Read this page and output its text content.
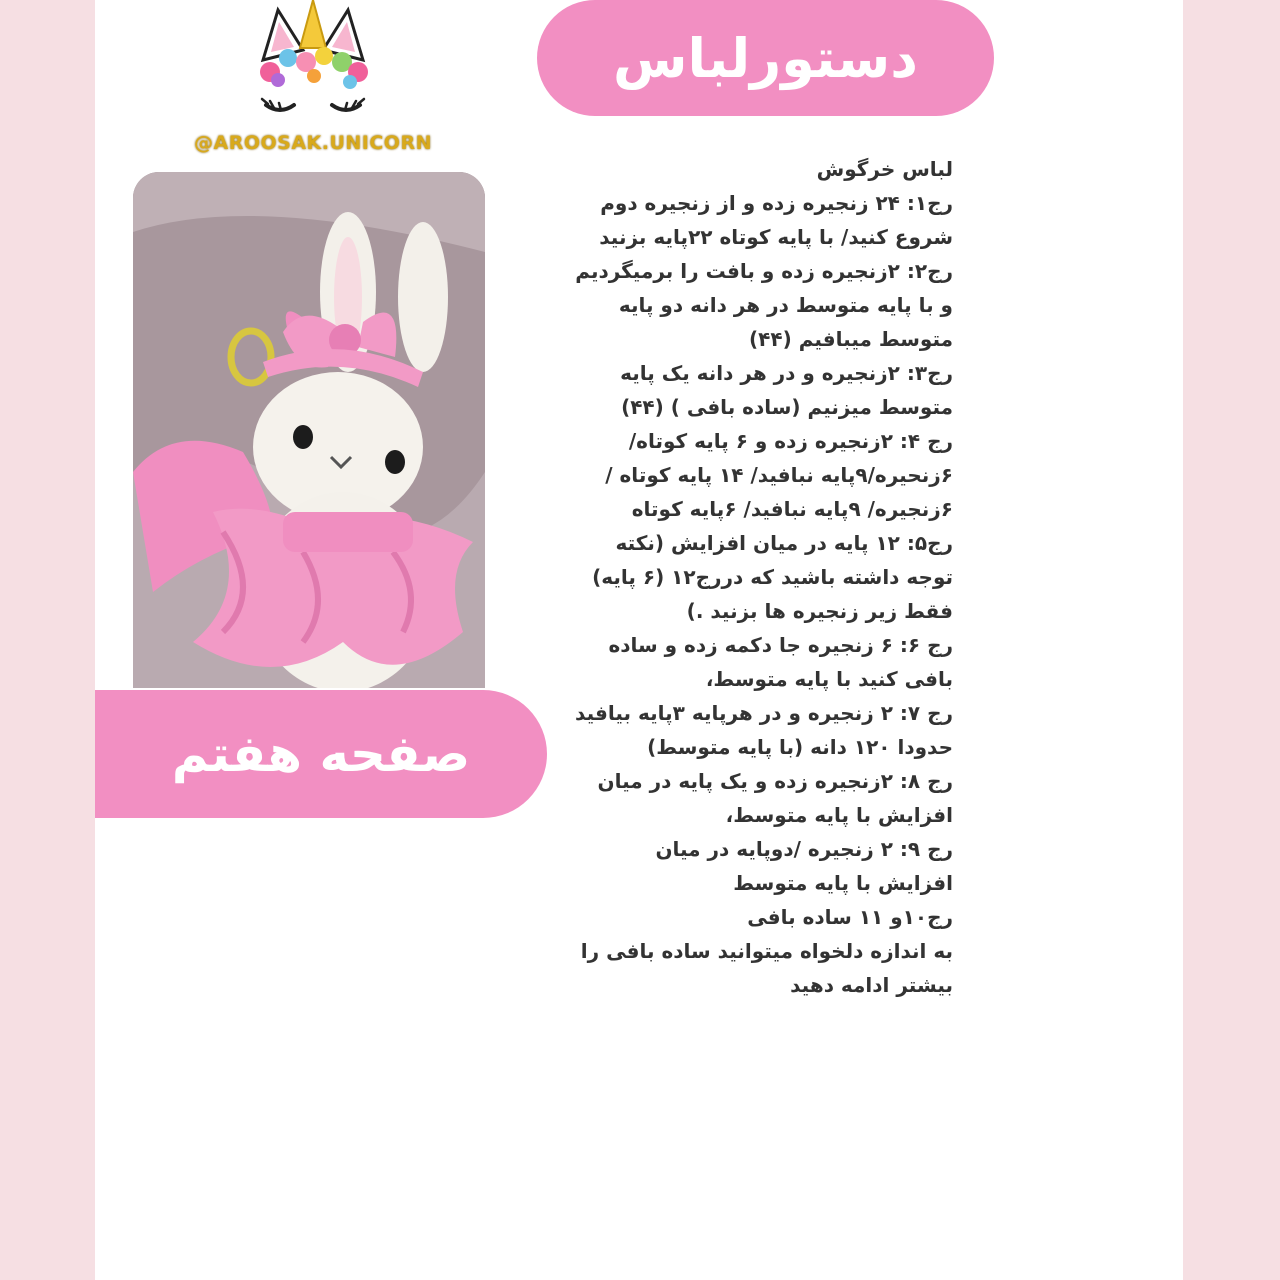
@AROOSAK.UNICORN
دستورلباس
صفحه هفتم
لباس خرگوش
رج۱: ۲۴ زنجیره زده و از زنجیره دوم شروع کنید/ با پایه کوتاه ۲۲پایه بزنید
رج۲: ۲زنجیره زده و بافت را برمیگردیم و با پایه متوسط در هر دانه دو پایه متوسط میبافیم (۴۴)
رج۳: ۲زنجیره و در هر دانه یک پایه متوسط میزنیم (ساده بافی ) (۴۴)
رج ۴: ۲زنجیره زده و ۶ پایه کوتاه/ ۶زنحیره/۹پایه نبافید/ ۱۴ پایه کوتاه / ۶زنجیره/ ۹پایه نبافید/ ۶پایه کوتاه
رج۵: ۱۲ پایه در میان افزایش (نکته توجه داشته باشید که دررج۱۲ (۶ پایه) فقط زیر زنجیره ها بزنید .)
رج ۶: ۶ زنجیره جا دکمه زده و ساده بافی کنید با پایه متوسط،
رج ۷: ۲ زنجیره و در هرپایه ۳پایه بیافید
حدودا ۱۲۰ دانه (با پایه متوسط)
رج ۸: ۲زنجیره زده و یک پایه در میان افزایش با پایه متوسط،
رج ۹: ۲ زنجیره /دوپایه در میان افزایش با پایه متوسط
رج۱۰و ۱۱ ساده بافی
به اندازه دلخواه میتوانید ساده بافی را بیشتر ادامه دهید
